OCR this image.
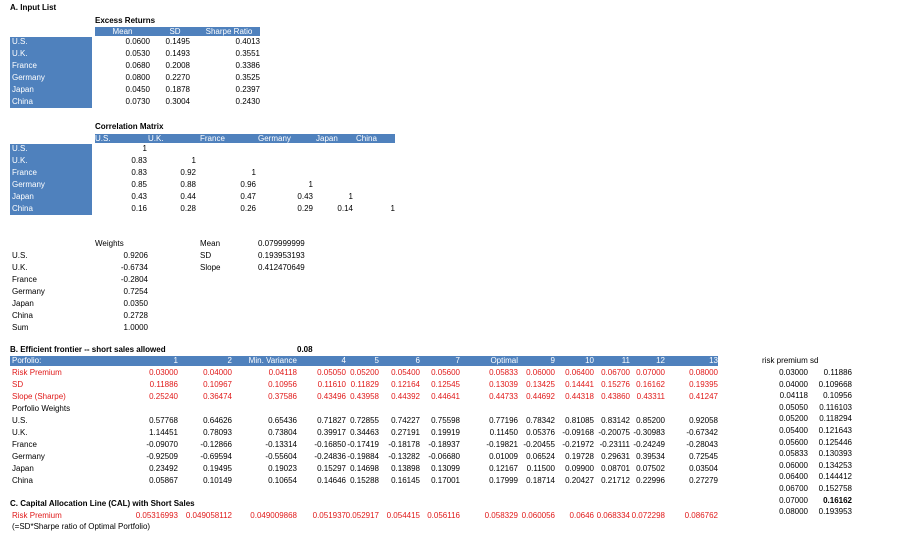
A. Input List
Excess Returns
Mean	SD	Sharpe Ratio
U.S.	0.0600	0.1495	0.4013
U.K.	0.0530	0.1493	0.3551
France	0.0680	0.2008	0.3386
Germany	0.0800	0.2270	0.3525
Japan	0.0450	0.1878	0.2397
China	0.0730	0.3004	0.2430
Correlation Matrix
U.S.	U.K.	France	Germany	Japan China
U.S.	1
U.K.	0.83	1
France	0.83	0.92	1
Germany	0.85	0.88	0.96	1
Japan	0.43	0.44	0.47	0.43	1
China	0.16	0.28	0.26	0.29	0.14	1
Weights
U.S.	0.9206
U.K.	-0.6734
France	-0.2804
Germany	0.7254
Japan	0.0350
China	0.2728
Sum	1.0000
Mean	0.079999999
SD	0.193953193
Slope	0.412470649
B. Efficient frontier -- short sales allowed	0.08
Porfolio:	1	2	Min. Variance	4	5	6	7	Optimal	9	10	11	12	13
Risk Premium	0.03000	0.04000	0.04118	0.05050 0.05200	0.05400	0.05600	0.05833	0.06000	0.06400 0.06700 0.07000	0.08000
SD	0.11886	0.10967	0.10956	0.11610 0.11829	0.12164	0.12545	0.13039	0.13425	0.14441 0.15276 0.16162	0.19395
Slope (Sharpe)	0.25240	0.36474	0.37586	0.43496 0.43958	0.44392	0.44641	0.44733	0.44692	0.44318 0.43860 0.43311	0.41247
Porfolio Weights
U.S.	0.57768	0.64626	0.65436	0.71827 0.72855	0.74227	0.75598	0.77196	0.78342	0.81085 0.83142 0.85200	0.92058
U.K.	1.14451	0.78093	0.73804	0.39917 0.34463	0.27191	0.19919	0.11450	0.05376 -0.09168 -0.20075 -0.30983	-0.67342
France	-0.09070	-0.12866	-0.13314	-0.16850 -0.17419	-0.18178	-0.18937	-0.19821 -0.20455 -0.21972 -0.23111 -0.24249	-0.28043
Germany	-0.92509	-0.69594	-0.55604	-0.24836 -0.19884	-0.13282	-0.06680	0.01009	0.06524	0.19728 0.29631 0.39534	0.72545
Japan	0.23492	0.19495	0.19023	0.15297 0.14698	0.13898	0.13099	0.12167	0.11500	0.09900 0.08701 0.07502	0.03504
China	0.05867	0.10149	0.10654	0.14646 0.15288	0.16145	0.17001	0.17999	0.18714	0.20427 0.21712 0.22996	0.27279
C. Capital Allocation Line (CAL) with Short Sales
Risk Premium	0.05316993 0.049058112	0.049009868	0.051937 0.052917 0.054415 0.056116	0.058329 0.060056	0.0646 0.068334 0.072298	0.086762
(=SD*Sharpe ratio of Optimal Portfolio)
risk premium sd
0.03000	0.11886
0.04000	0.109668
0.04118	0.10956
0.05050	0.116103
0.05200	0.118294
0.05400	0.121643
0.05600	0.125446
0.05833	0.130393
0.06000	0.134253
0.06400	0.144412
0.06700	0.152758
0.07000	0.16162
0.08000	0.193953
